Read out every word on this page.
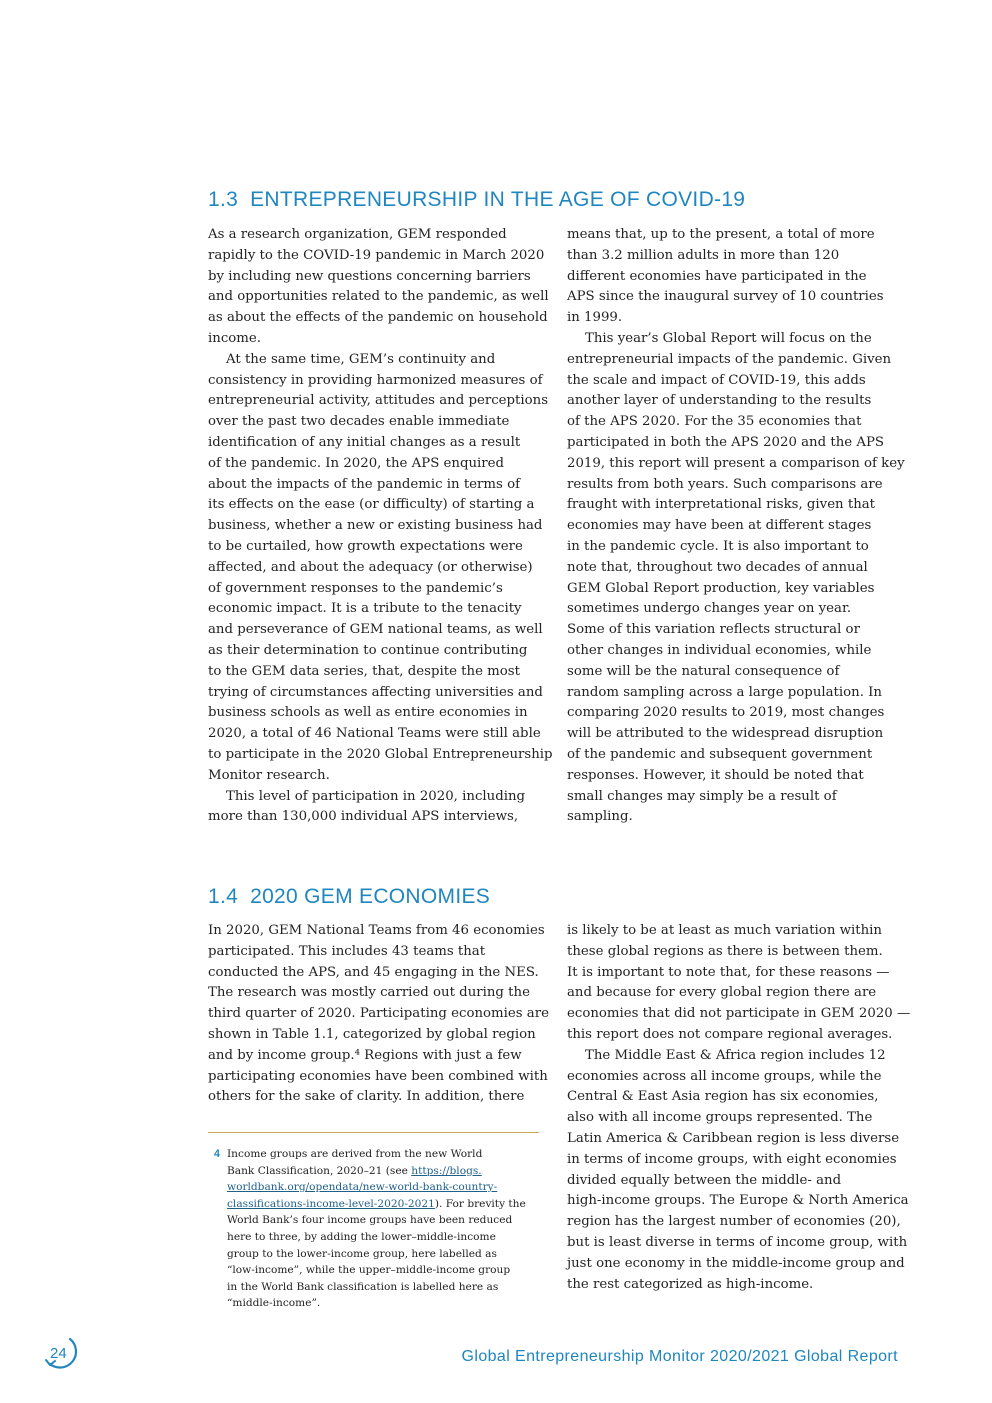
1.3 ENTREPRENEURSHIP IN THE AGE OF COVID-19
As a research organization, GEM responded
rapidly to the COVID-19 pandemic in March 2020
by including new questions concerning barriers
and opportunities related to the pandemic, as well
as about the effects of the pandemic on household
income.
At the same time, GEM’s continuity and
consistency in providing harmonized measures of
entrepreneurial activity, attitudes and perceptions
over the past two decades enable immediate
identification of any initial changes as a result
of the pandemic. In 2020, the APS enquired
about the impacts of the pandemic in terms of
its effects on the ease (or difficulty) of starting a
business, whether a new or existing business had
to be curtailed, how growth expectations were
affected, and about the adequacy (or otherwise)
of government responses to the pandemic’s
economic impact. It is a tribute to the tenacity
and perseverance of GEM national teams, as well
as their determination to continue contributing
to the GEM data series, that, despite the most
trying of circumstances affecting universities and
business schools as well as entire economies in
2020, a total of 46 National Teams were still able
to participate in the 2020 Global Entrepreneurship
Monitor research.
This level of participation in 2020, including
more than 130,000 individual APS interviews,
means that, up to the present, a total of more
than 3.2 million adults in more than 120
different economies have participated in the
APS since the inaugural survey of 10 countries
in 1999.
This year’s Global Report will focus on the
entrepreneurial impacts of the pandemic. Given
the scale and impact of COVID-19, this adds
another layer of understanding to the results
of the APS 2020. For the 35 economies that
participated in both the APS 2020 and the APS
2019, this report will present a comparison of key
results from both years. Such comparisons are
fraught with interpretational risks, given that
economies may have been at different stages
in the pandemic cycle. It is also important to
note that, throughout two decades of annual
GEM Global Report production, key variables
sometimes undergo changes year on year.
Some of this variation reflects structural or
other changes in individual economies, while
some will be the natural consequence of
random sampling across a large population. In
comparing 2020 results to 2019, most changes
will be attributed to the widespread disruption
of the pandemic and subsequent government
responses. However, it should be noted that
small changes may simply be a result of
sampling.
1.4 2020 GEM ECONOMIES
In 2020, GEM National Teams from 46 economies
participated. This includes 43 teams that
conducted the APS, and 45 engaging in the NES.
The research was mostly carried out during the
third quarter of 2020. Participating economies are
shown in Table 1.1, categorized by global region
and by income group.⁴ Regions with just a few
participating economies have been combined with
others for the sake of clarity. In addition, there
is likely to be at least as much variation within
these global regions as there is between them.
It is important to note that, for these reasons —
and because for every global region there are
economies that did not participate in GEM 2020 —
this report does not compare regional averages.
The Middle East & Africa region includes 12
economies across all income groups, while the
Central & East Asia region has six economies,
also with all income groups represented. The
Latin America & Caribbean region is less diverse
in terms of income groups, with eight economies
divided equally between the middle- and
high-income groups. The Europe & North America
region has the largest number of economies (20),
but is least diverse in terms of income group, with
just one economy in the middle-income group and
the rest categorized as high-income.
4 Income groups are derived from the new World
Bank Classification, 2020–21 (see https://blogs.
worldbank.org/opendata/new-world-bank-country-
classifications-income-level-2020-2021). For brevity the
World Bank’s four income groups have been reduced
here to three, by adding the lower–middle-income
group to the lower-income group, here labelled as
“low-income”, while the upper–middle-income group
in the World Bank classification is labelled here as
“middle-income”.
24	Global Entrepreneurship Monitor 2020/2021 Global Report
